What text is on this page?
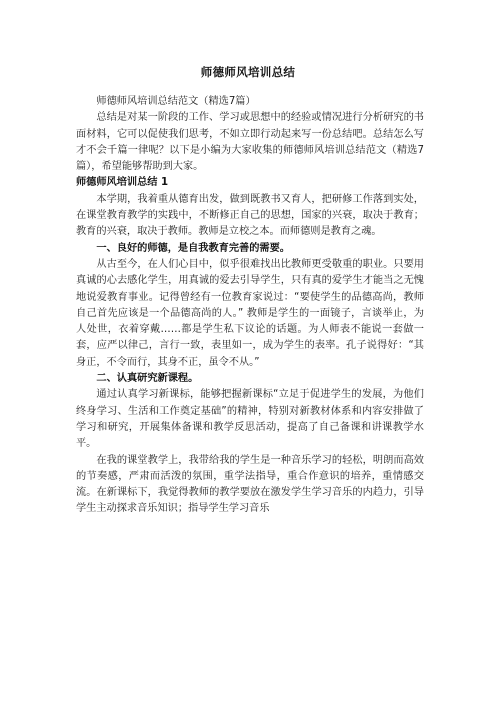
师德师风培训总结

师德师风培训总结范文（精选7篇）

总结是对某一阶段的工作、学习或思想中的经验或情况进行分析研究的书面材料，它可以促使我们思考，不如立即行动起来写一份总结吧。总结怎么写才不会千篇一律呢？以下是小编为大家收集的师德师风培训总结范文（精选7篇），希望能够帮助到大家。

师德师风培训总结 1

本学期，我着重从德育出发，做到既教书又育人，把研修工作落到实处，在课堂教育教学的实践中，不断修正自己的思想，国家的兴衰，取决于教育；教育的兴衰，取决于教师。教师是立校之本。而师德则是教育之魂。

一、良好的师德，是自我教育完善的需要。

从古至今，在人们心目中，似乎很难找出比教师更受敬重的职业。只要用真诚的心去感化学生，用真诚的爱去引导学生，只有真的爱学生才能当之无愧地说爱教育事业。记得曾经有一位教育家说过：“要使学生的品德高尚，教师自己首先应该是一个品德高尚的人。” 教师是学生的一面镜子，言谈举止，为人处世，衣着穿戴……都是学生私下议论的话题。为人师表不能说一套做一套，应严以律己，言行一致，表里如一，成为学生的表率。孔子说得好：“其身正，不令而行，其身不正，虽令不从。”

二、认真研究新课程。

通过认真学习新课标，能够把握新课标“立足于促进学生的发展，为他们终身学习、生活和工作奠定基础”的精神，特别对新教材体系和内容安排做了学习和研究，开展集体备课和教学反思活动，提高了自己备课和讲课教学水平。

在我的课堂教学上，我带给我的学生是一种音乐学习的轻松，明朗而高效的节奏感，严肃而活泼的氛围，重学法指导，重合作意识的培养，重情感交流。在新课标下，我觉得教师的教学要放在激发学生学习音乐的内趋力，引导学生主动探求音乐知识；指导学生学习音乐
